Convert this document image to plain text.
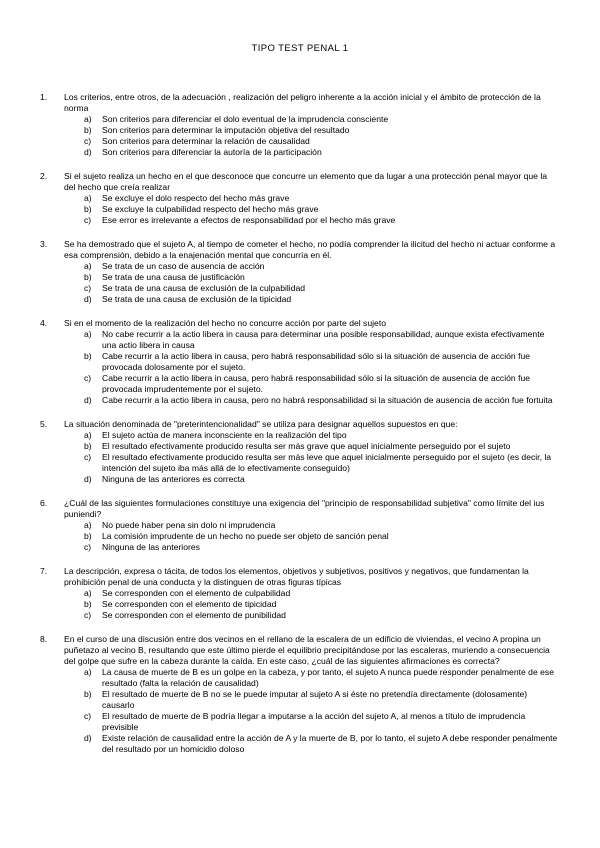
TIPO TEST PENAL 1
1.	Los criterios, entre otros, de la adecuación , realización del peligro inherente a la acción inicial y el ámbito de protección de la norma
a)	Son criterios para diferenciar el dolo eventual de la imprudencia consciente
b)	Son criterios para determinar la imputación objetiva del resultado
c)	Son criterios para determinar la relación de causalidad
d)	Son criterios para diferenciar la autoría de la participación
2.	Si el sujeto realiza un hecho en el que desconoce que concurre un elemento que da lugar a una protección penal mayor que la del hecho que creía realizar
a)	Se excluye el dolo respecto del hecho más grave
b)	Se excluye la culpabilidad respecto del hecho más grave
c)	Ese error es irrelevante a efectos de responsabilidad por el hecho más grave
3.	Se ha demostrado que el sujeto A, al tiempo de cometer el hecho, no podía comprender la ilicitud del hecho ni actuar conforme a esa comprensión, debido a la enajenación mental que concurría en él.
a)	Se trata de un caso de ausencia de acción
b)	Se trata de una causa de justificación
c)	Se trata de una causa de exclusión de la culpabilidad
d)	Se trata de una causa de exclusión de la tipicidad
4.	Si en el momento de la realización del hecho no concurre acción por parte del sujeto
a)	No cabe recurrir a la actio libera in causa para determinar una posible responsabilidad, aunque exista efectivamente una actio libera in causa
b)	Cabe recurrir a la actio libera in causa, pero habrá responsabilidad sólo si la situación de ausencia de acción fue provocada dolosamente por el sujeto.
c)	Cabe recurrir a la actio libera in causa, pero habrá responsabilidad sólo si la situación de ausencia de acción fue provocada imprudentemente por el sujeto.
d)	Cabe recurrir a la actio libera in causa, pero no habrá responsabilidad si la situación de ausencia de acción fue fortuita
5.	La situación denominada de "preterintencionalidad" se utiliza para designar aquellos supuestos en que:
a)	El sujeto actúa de manera inconsciente en la realización del tipo
b)	El resultado efectivamente producido resulta ser más grave que aquel inicialmente perseguido por el sujeto
c)	El resultado efectivamente producido resulta ser más leve que aquel inicialmente perseguido por el sujeto (es decir, la intención del sujeto iba más allá de lo efectivamente conseguido)
d)	Ninguna de las anteriores es correcta
6.	¿Cuál de las siguientes formulaciones constituye una exigencia del "principio de responsabilidad subjetiva" como límite del ius puniendi?
a)	No puede haber pena sin dolo ni imprudencia
b)	La comisión imprudente de un hecho no puede ser objeto de sanción penal
c)	Ninguna de las anteriores
7.	La descripción, expresa o tácita, de todos los elementos, objetivos y subjetivos, positivos y negativos, que fundamentan la prohibición penal de una conducta y la distinguen de otras figuras típicas
a)	Se corresponden con el elemento de culpabilidad
b)	Se corresponden con el elemento de tipicidad
c)	Se corresponden con el elemento de punibilidad
8.	En el curso de una discusión entre dos vecinos en el rellano de la escalera de un edificio de viviendas, el vecino A propina un puñetazo al vecino B, resultando que este último pierde el equilibrio precipitándose por las escaleras, muriendo a consecuencia del golpe que sufre en la cabeza durante la caída. En este caso, ¿cuál de las siguientes afirmaciones es correcta?
a)	La causa de muerte de B es un golpe en la cabeza, y por tanto, el sujeto A nunca puede responder penalmente de ese resultado (falta la relación de causalidad)
b)	El resultado de muerte de B no se le puede imputar al sujeto A si éste no pretendía directamente (dolosamente) causarlo
c)	El resultado de muerte de B podría llegar a imputarse a la acción del sujeto A, al menos a título de imprudencia previsible
d)	Existe relación de causalidad entre la acción de A y la muerte de B, por lo tanto, el sujeto A debe responder penalmente del resultado por un homicidio doloso
